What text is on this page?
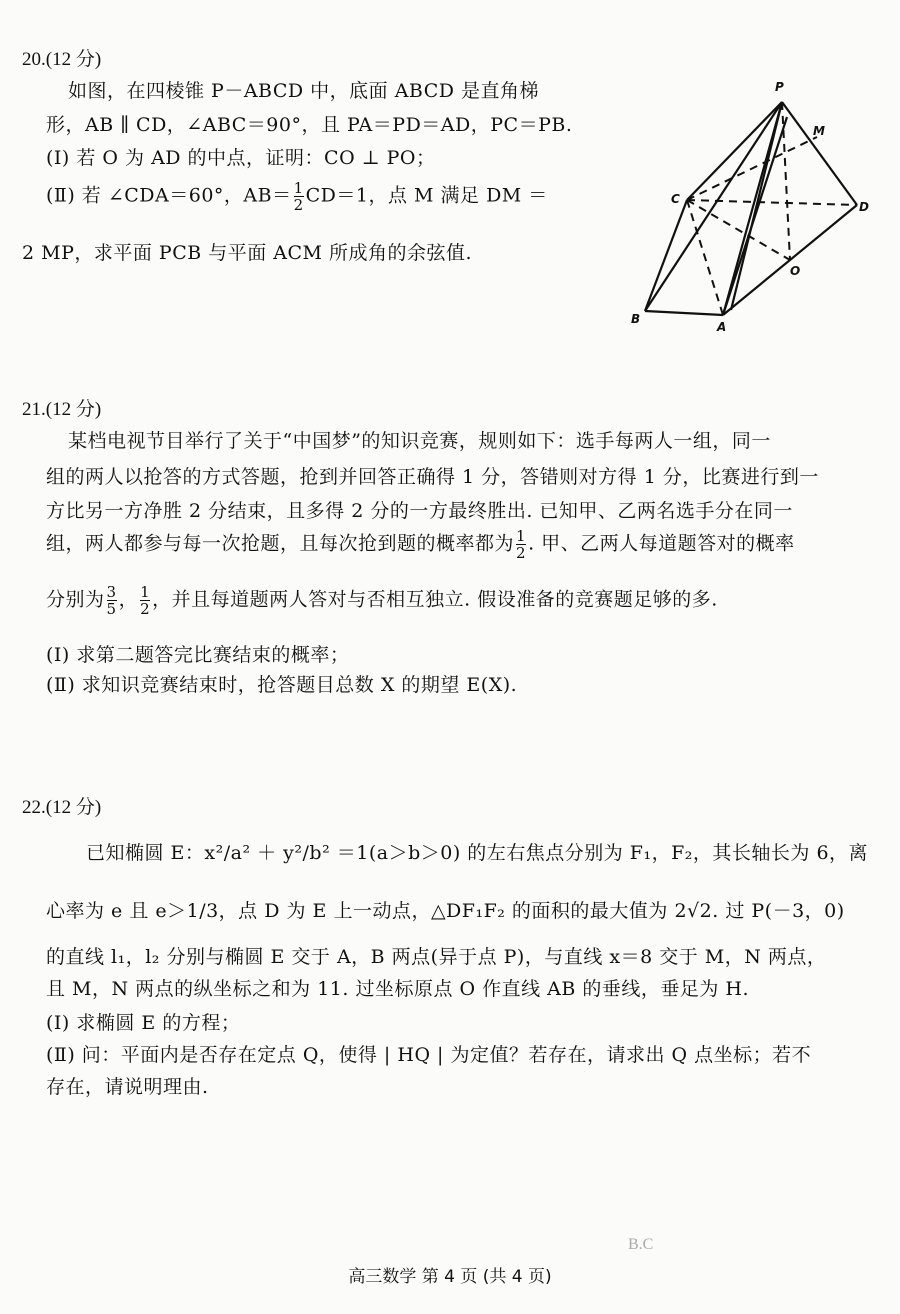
20.(12 分)
如图，在四棱锥 P－ABCD 中，底面 ABCD 是直角梯
形，AB ∥ CD，∠ABC＝90°，且 PA＝PD＝AD，PC＝PB.
(Ⅰ) 若 O 为 AD 的中点，证明：CO ⊥ PO；
(Ⅱ) 若 ∠CDA＝60°，$AB= \frac{1}{2} CD=1$，点 M 满足 DM ＝
2 MP，求平面 PCB 与平面 ACM 所成角的余弦值.
P
M
C
D
O
B
A
21.(12 分)
某档电视节目举行了关于“中国梦”的知识竞赛，规则如下：选手每两人一组，同一
组的两人以抢答的方式答题，抢到并回答正确得 1 分，答错则对方得 1 分，比赛进行到一
方比另一方净胜 2 分结束，且多得 2 分的一方最终胜出. 已知甲、乙两名选手分在同一
组，两人都参与每一次抢题，且每次抢到题的概率都为 $\frac{1}{2}$ . 甲、乙两人每道题答对的概率
分别为 $\frac{3}{5}$ ， $\frac{1}{2}$ ，并且每道题两人答对与否相互独立. 假设准备的竞赛题足够的多.
(Ⅰ) 求第二题答完比赛结束的概率；
(Ⅱ) 求知识竞赛结束时，抢答题目总数 X 的期望 E(X).
22.(12 分)
已知椭圆 E：x²/a² ＋ y²/b² ＝1(a＞b＞0) 的左右焦点分别为 F₁，F₂，其长轴长为 6，离
心率为 e 且 e＞1/3，点 D 为 E 上一动点，△DF₁F₂ 的面积的最大值为 2√2. 过 P(－3，0)
的直线 l₁，l₂ 分别与椭圆 E 交于 A，B 两点(异于点 P)，与直线 x＝8 交于 M，N 两点，
且 M，N 两点的纵坐标之和为 11. 过坐标原点 O 作直线 AB 的垂线，垂足为 H.
(Ⅰ) 求椭圆 E 的方程；
(Ⅱ) 问：平面内是否存在定点 Q，使得 | HQ | 为定值？若存在，请求出 Q 点坐标；若不
存在，请说明理由.
B.C
高三数学 第 4 页 (共 4 页)
